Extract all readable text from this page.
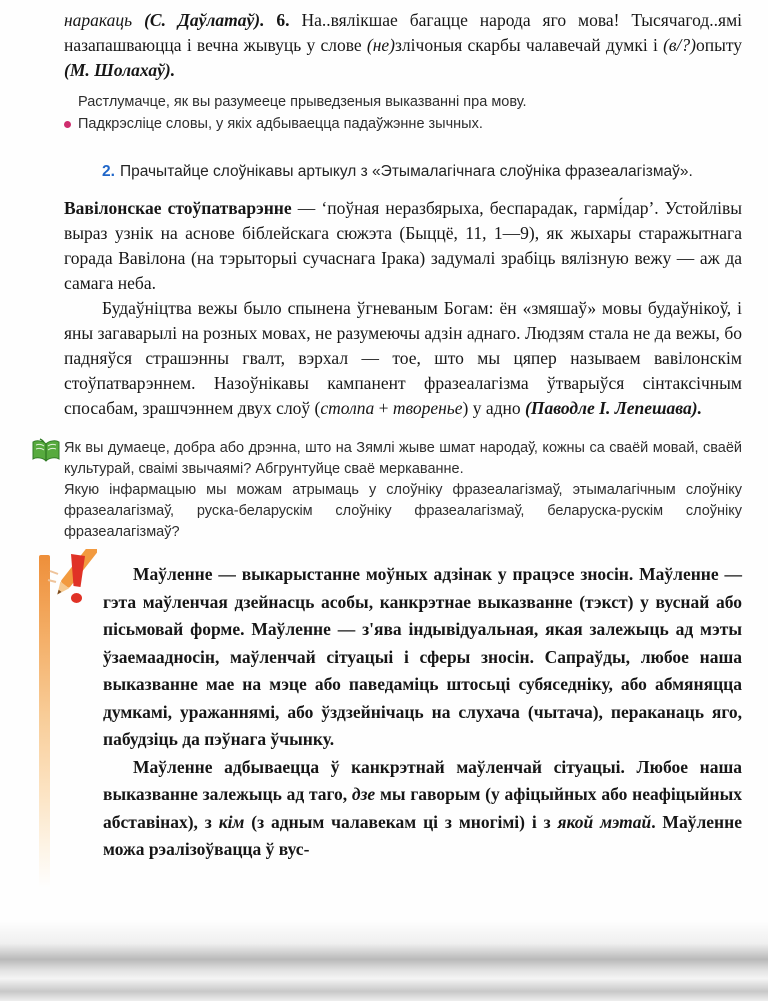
наракаць (С. Даўлатаў). 6. На..вялікшае багацце народа яго мова! Тысячагод..ямі назапашваюцца і вечна жывуць у слове (не)злічоныя скарбы чалавечай думкі і (в/?)опыту (М. Шолахаў).

Растлумачце, як вы разумееце прыведзеныя выказванні пра мову.
Падкрэсліце словы, у якіх адбываецца падаўжэнне зычных.

2. Прачытайце слоўнікавы артыкул з «Этымалагічнага слоўніка фразеалагізмаў».

Вавілонскае стоўпатварэнне — ‘поўная неразбярыха, беспарадак, гармі́дар’. Устойлівы выраз узнік на аснове біблейскага сюжэта (Быццё, 11, 1—9), як жыхары старажытнага горада Вавілона (на тэрыторыі сучаснага Ірака) задумалі зрабіць вялізную вежу — аж да самага неба.

Будаўніцтва вежы было спынена ўгневаным Богам: ён «змяшаў» мовы будаўнікоў, і яны загаварылі на розных мовах, не разумеючы адзін аднаго. Людзям стала не да вежы, бо падняўся страшэнны гвалт, вэрхал — тое, што мы цяпер называем вавілонскім стоўпатварэннем. Назоўнікавы кампанент фразеалагізма ўтварыўся сінтаксічным спосабам, зрашчэннем двух слоў (столпа + творенье) у адно (Паводле І. Лепешава).

Як вы думаеце, добра або дрэнна, што на Зямлі жыве шмат народаў, кожны са сваёй мовай, сваёй культурай, сваімі звычаямі? Абгрунтуйце сваё меркаванне.

Якую інфармацыю мы можам атрымаць у слоўніку фразеалагізмаў, этымалагічным слоўніку фразеалагізмаў, руска-беларускім слоўніку фразеалагізмаў, беларуска-рускім слоўніку фразеалагізмаў?

Маўленне — выкарыстанне моўных адзінак у працэсе зносін. Маўленне — гэта маўленчая дзейнасць асобы, канкрэтнае выказванне (тэкст) у вуснай або пісьмовай форме. Маўленне — з'ява індывідуальная, якая залежыць ад мэты ўзаемаадносін, маўленчай сітуацыі і сферы зносін. Сапраўды, любое наша выказванне мае на мэце або паведаміць штосьці субяседніку, або абмяняцца думкамі, уражаннямі, або ўздзейнічаць на слухача (чытача), пераканаць яго, пабудзіць да пэўнага ўчынку.

Маўленне адбываецца ў канкрэтнай маўленчай сітуацыі. Любое наша выказванне залежыць ад таго, дзе мы гаворым (у афіцыйных або неафіцыйных абставінах), з кім (з адным чалавекам ці з многімі) і з якой мэтай. Маўленне можа рэалізоўвацца ў вус-
